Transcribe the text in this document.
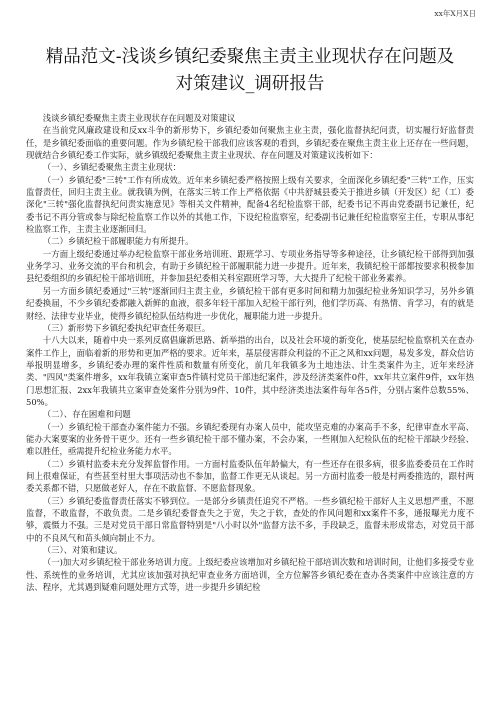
xx年X月X日
精品范文-浅谈乡镇纪委聚焦主责主业现状存在问题及对策建议_调研报告

浅谈乡镇纪委聚焦主责主业现状存在问题及对策建议

在当前党风廉政建设和反xx斗争的新形势下，乡镇纪委如何聚焦主业主责，强化监督执纪问责，切实履行好监督责任，是乡镇纪委面临的重要问题。作为乡镇纪检干部我们应该客观的看到，乡镇纪委在聚焦主责主业上还存在一些问题，现就结合乡镇纪委工作实际，就乡镇级纪委聚焦主责主业现状、存在问题及对策建议浅析如下：

（一）、乡镇纪委聚焦主责主业现状：

（一）乡镇纪委"三转"工作有所成效。近年来乡镇纪委严格按照上级有关要求，全面深化乡镇纪委"三转"工作，压实监督责任，回归主责主业。就我镇为例，在落实三转工作上严格依据《中共舒城县委关于推进乡镇（开发区）纪（工）委深化"三转"强化监督执纪问责实施意见》等相关文件精神，配备4名纪检监察干部，纪委书记不再由党委副书记兼任，纪委书记不再分管或参与除纪检监察工作以外的其他工作，下设纪检监察室，纪委副书记兼任纪检监察室主任，专职从事纪检监察工作，主责主业逐渐回归。

（二）乡镇纪检干部履职能力有所提升。

一方面上级纪委通过举办纪检监察干部业务培训班、跟班学习、专项业务指导等多种途径，让乡镇纪检干部得到加强业务学习、业务交流的平台和机会，有助于乡镇纪检干部履职能力进一步提升。近年来，我镇纪检干部都按要求积极参加县纪委组织的乡镇纪检干部培训班，并参加县纪委相关科室跟班学习等，大大提升了纪检干部业务素养。

另一方面乡镇纪委通过"三转"逐渐回归主责主业，乡镇纪检干部有更多时间和精力加强纪检业务知识学习，另外乡镇纪委换届，不少乡镇纪委都融入新鲜的血液，很多年轻干部加入纪检干部行列，他们学历高、有热情、肯学习，有的就是财经、法律专业毕业，使得乡镇纪检队伍结构进一步优化，履职能力进一步提升。

（三）新形势下乡镇纪委执纪审查任务艰巨。

十八大以来，随着中央一系列反腐倡廉新思路、新举措的出台，以及社会环境的新变化，使基层纪检监察机关在查办案件工作上，面临着新的形势和更加严格的要求。近年来，基层侵害群众利益的不正之风和xx问题，易发多发，群众信访举报明显增多，乡镇纪委办理的案件性质和数量有所变化，前几年我镇多为土地违法、计生类案件为主，近年来经济类、"四风"类案件增多，xx年我镇立案审查5件镇村党员干部违纪案件，涉及经济类案件0件，xx年共立案件9件，xx年热门思想汇报、2xx年我镇共立案审查处案件分别为9件、10件，其中经济类违法案件每年各5件，分别占案件总数55%、50%。

（二）、存在困难和问题

（一）乡镇纪检干部查办案件能力不强。乡镇纪委现有办案人员中，能攻坚克难的办案高手不多，纪律审查水平高、能办大案要案的业务骨干更少。还有一些乡镇纪检干部不懂办案，不会办案，一些刚加入纪检队伍的纪检干部缺少经验、难以胜任，亟需提升纪检业务能力水平。

（二）乡镇村监委未充分发挥监督作用。一方面村监委队伍年龄偏大，有一些还存在很多病，很多监委委员在工作时间上很难保证，有些甚至村里大事项活动也不参加，监督工作更无从谈起。另一方面村监委一般是村两委推选的，跟村两委关系都不错，只愿做老好人，存在不敢监督、不愿监督现象。

（三）乡镇纪委监督责任落实不够到位。一是部分乡镇责任追究不严格。一些乡镇纪检干部好人主义思想严重，不愿监督，不敢监督，不敢负责。二是乡镇纪委督查失之于宽，失之于软，查处的作风问题和xx案件不多，通报曝光力度不够，震慑力不强。三是对党员干部日常监督特别是"八小时以外"监督方法不多，手段缺乏，监督未形成常态，对党员干部中的不良风气和苗头倾向制止不力。

（三）、对策和建议。

（一)加大对乡镇纪检干部业务培训力度。上级纪委应该增加对乡镇纪检干部培训次数和培训时间，让他们多接受专业性、系统性的业务培训，尤其应该加强对执纪审查业务方面培训，全方位解答乡镇纪委在查办各类案件中应该注意的方法、程序，尤其遇到疑难问题处理方式等，进一步提升乡镇纪检
